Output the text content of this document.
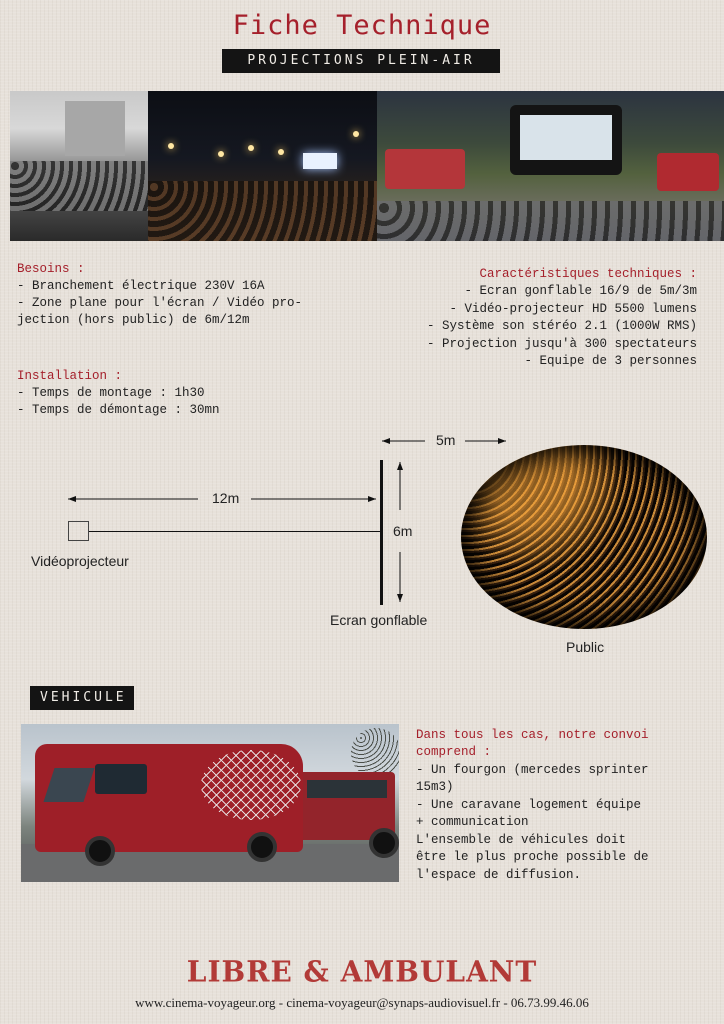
Fiche Technique
PROJECTIONS PLEIN-AIR
Besoins :
- Branchement électrique 230V 16A
- Zone plane pour l'écran / Vidéo pro-
jection (hors public) de 6m/12m
Caractéristiques techniques :
- Ecran gonflable 16/9 de 5m/3m
- Vidéo-projecteur HD 5500 lumens
- Système son stéréo 2.1 (1000W RMS)
- Projection jusqu'à 300 spectateurs
- Equipe de 3 personnes
Installation :
- Temps de montage : 1h30
- Temps de démontage : 30mn
5m
12m
Vidéoprojecteur
6m
Ecran gonflable
Public
VEHICULE
Dans tous les cas, notre convoi
comprend :
- Un fourgon (mercedes sprinter
15m3)
- Une caravane logement équipe
+ communication
L'ensemble de véhicules doit
être le plus proche possible de
l'espace de diffusion.
LIBRE & AMBULANT
www.cinema-voyageur.org - cinema-voyageur@synaps-audiovisuel.fr - 06.73.99.46.06
